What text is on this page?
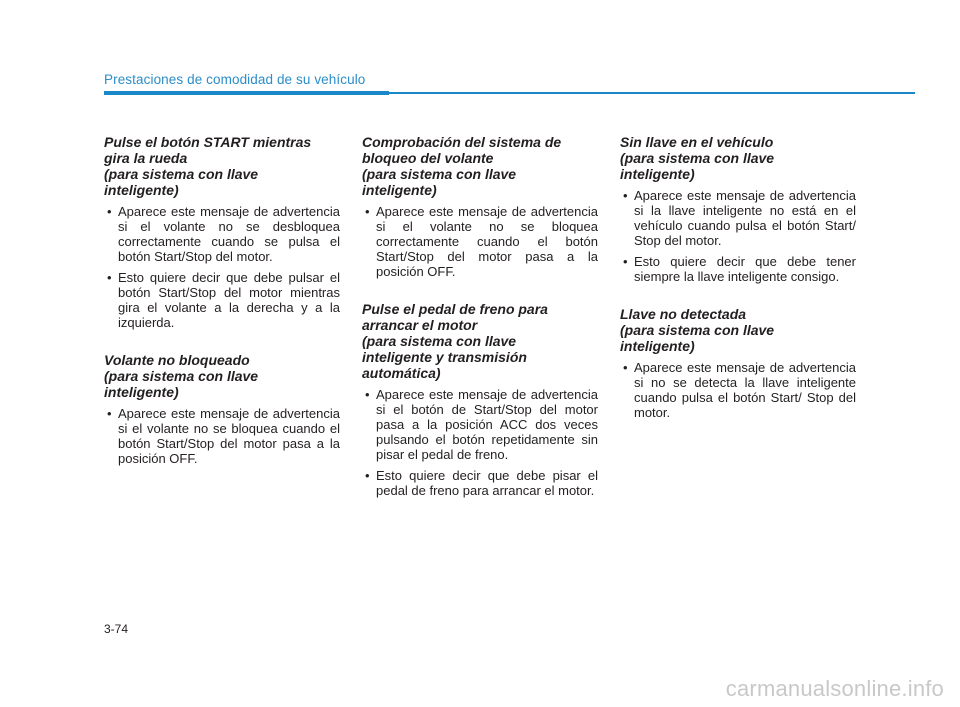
Prestaciones de comodidad de su vehículo
Pulse el botón START mientras
gira la rueda
(para sistema con llave
inteligente)
• Aparece este mensaje de advertencia si el volante no se desbloquea correctamente cuando se pulsa el botón Start/Stop del motor.
• Esto quiere decir que debe pulsar el botón Start/Stop del motor mientras gira el volante a la derecha y a la izquierda.
Volante no bloqueado
(para sistema con llave
inteligente)
• Aparece este mensaje de advertencia si el volante no se bloquea cuando el botón Start/Stop del motor pasa a la posición OFF.
Comprobación del sistema de
bloqueo del volante
(para sistema con llave
inteligente)
• Aparece este mensaje de advertencia si el volante no se bloquea correctamente cuando el botón Start/Stop del motor pasa a la posición OFF.
Pulse el pedal de freno para
arrancar el motor
(para sistema con llave
inteligente y transmisión
automática)
• Aparece este mensaje de advertencia si el botón de Start/Stop del motor pasa a la posición ACC dos veces pulsando el botón repetidamente sin pisar el pedal de freno.
• Esto quiere decir que debe pisar el pedal de freno para arrancar el motor.
Sin llave en el vehículo
(para sistema con llave
inteligente)
• Aparece este mensaje de advertencia si la llave inteligente no está en el vehículo cuando pulsa el botón Start/ Stop del motor.
• Esto quiere decir que debe tener siempre la llave inteligente consigo.
Llave no detectada
(para sistema con llave
inteligente)
• Aparece este mensaje de advertencia si no se detecta la llave inteligente cuando pulsa el botón Start/ Stop del motor.
3-74
carmanualsonline.info
